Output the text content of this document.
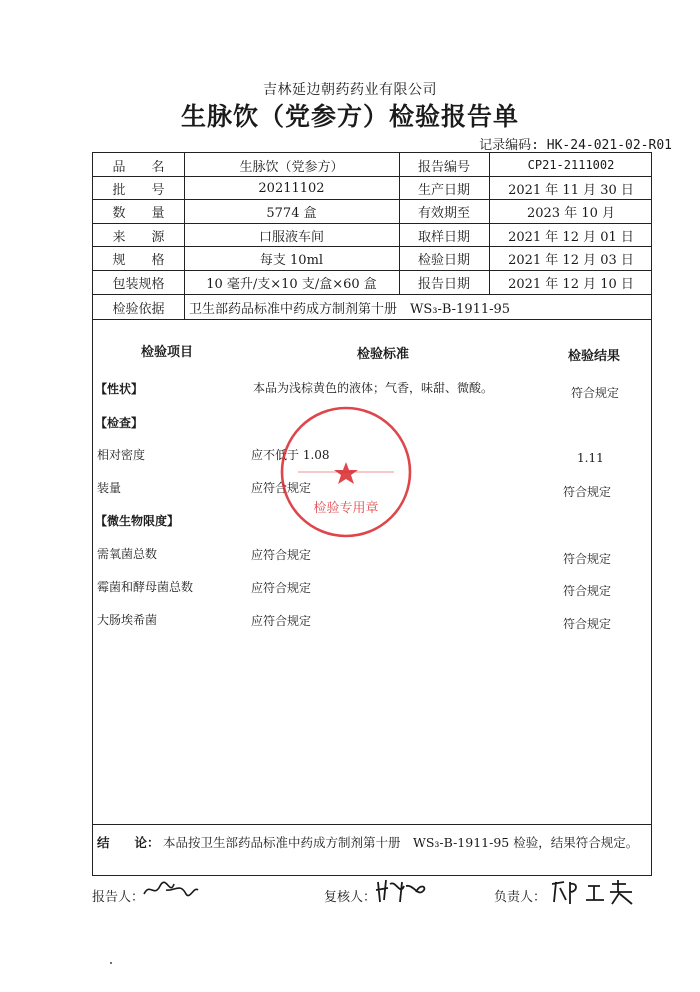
吉林延边朝药药业有限公司
生脉饮（党参方）检验报告单
记录编码: HK-24-021-02-R01
品　　名	生脉饮（党参方）	报告编号	CP21-2111002
批　　号	20211102	生产日期	2021 年 11 月 30 日
数　　量	5774 盒	有效期至	2023 年 10 月
来　　源	口服液车间	取样日期	2021 年 12 月 01 日
规　　格	每支 10ml	检验日期	2021 年 12 月 03 日
包装规格	10 毫升/支×10 支/盒×60 盒	报告日期	2021 年 12 月 10 日
检验依据	卫生部药品标准中药成方制剂第十册　WS₃-B-1911-95
检验项目	检验标准	检验结果
【性状】	本品为浅棕黄色的液体；气香，味甜、微酸。	符合规定
【检查】
相对密度	应不低于 1.08	1.11
装量	应符合规定	符合规定
【微生物限度】
需氧菌总数	应符合规定	符合规定
霉菌和酵母菌总数	应符合规定	符合规定
大肠埃希菌	应符合规定	符合规定
结　　论： 本品按卫生部药品标准中药成方制剂第十册　WS₃-B-1911-95 检验，结果符合规定。
检验专用章
报告人：	复核人：	负责人：
